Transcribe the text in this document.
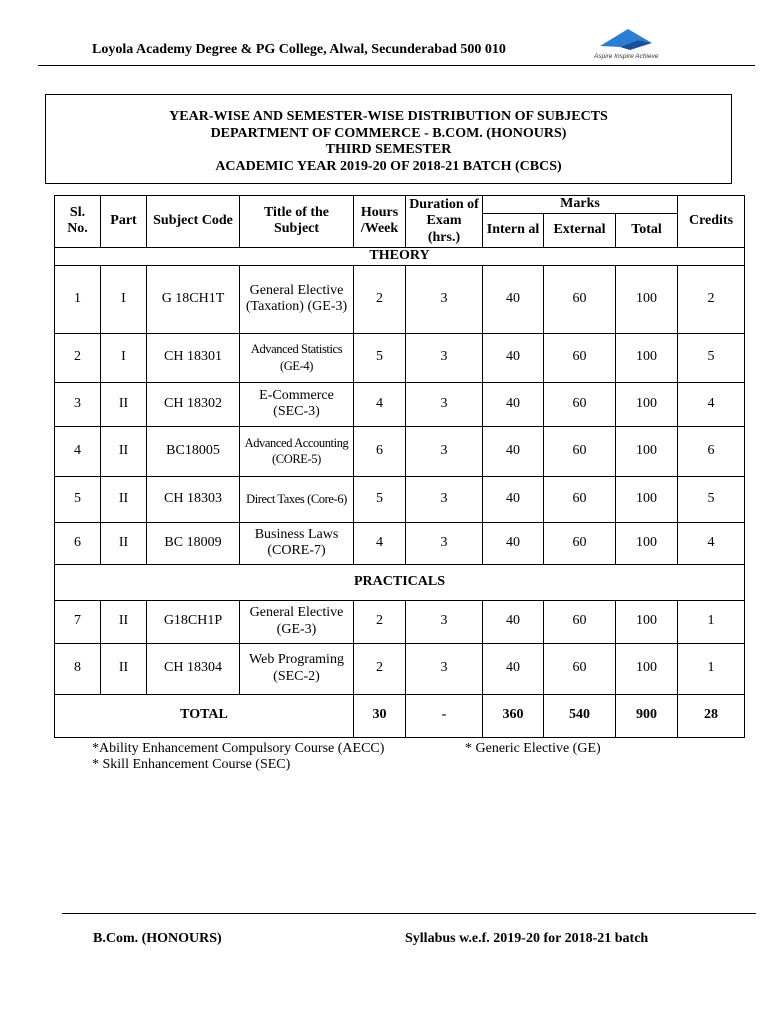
Loyola Academy Degree & PG College, Alwal, Secunderabad 500 010	Aspire Inspire Achieve
YEAR-WISE AND SEMESTER-WISE DISTRIBUTION OF SUBJECTS
DEPARTMENT OF COMMERCE - B.COM. (HONOURS)
THIRD SEMESTER
ACADEMIC YEAR 2019-20 OF 2018-21 BATCH (CBCS)
Sl. No.	Part	Subject Code	Title of the Subject	Hours /Week	Duration of Exam (hrs.)	Marks			Credits
						Intern al	External	Total	
THEORY									
1	I	G 18CH1T	General Elective (Taxation) (GE-3)	2	3	40	60	100	2
2	I	CH 18301	Advanced Statistics (GE-4)	5	3	40	60	100	5
3	II	CH 18302	E-Commerce (SEC-3)	4	3	40	60	100	4
4	II	BC18005	Advanced Accounting (CORE-5)	6	3	40	60	100	6
5	II	CH 18303	Direct Taxes (Core-6)	5	3	40	60	100	5
6	II	BC 18009	Business Laws (CORE-7)	4	3	40	60	100	4
PRACTICALS									
7	II	G18CH1P	General Elective (GE-3)	2	3	40	60	100	1
8	II	CH 18304	Web Programing (SEC-2)	2	3	40	60	100	1
TOTAL				30	-	360	540	900	28
*Ability Enhancement Compulsory Course (AECC)
* Skill Enhancement Course (SEC)
* Generic Elective (GE)
B.Com. (HONOURS)	Syllabus w.e.f. 2019-20 for 2018-21 batch
